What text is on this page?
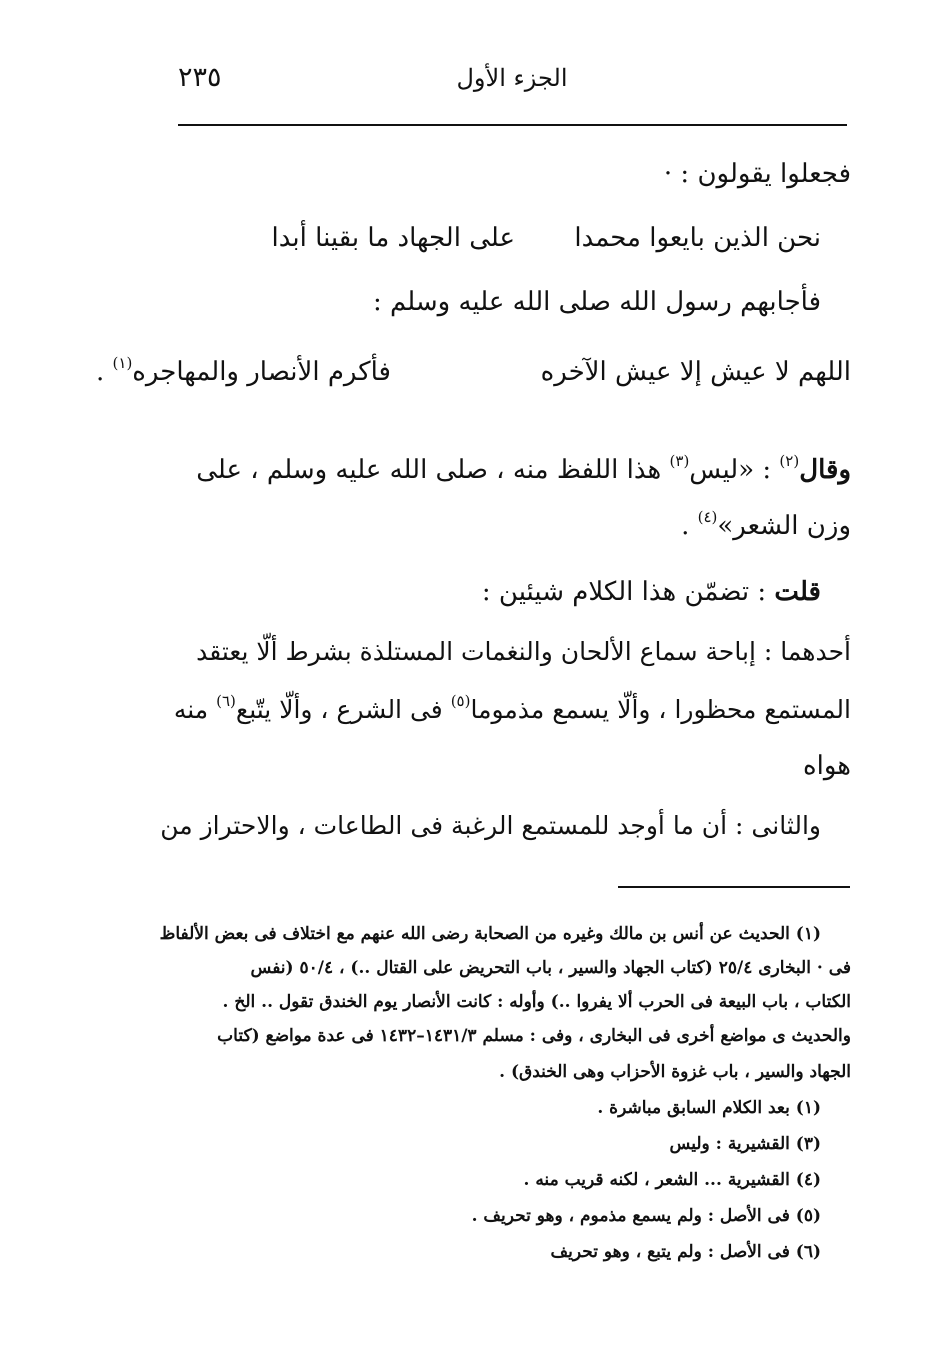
٢٣٥	الجزء الأول
فجعلوا يقولون : ·
نحن الذين بايعوا محمدا
على الجهاد ما بقينا أبدا
فأجابهم رسول الله صلى الله عليه وسلم :
اللهم لا عيش إلا عيش الآخره
فأكرم الأنصار والمهاجره$^{(١)}$ .
وقال$^{(٢)}$ : «ليس$^{(٣)}$ هذا اللفظ منه ، صلى الله عليه وسلم ، على
وزن الشعر»$^{(٤)}$ .
قلت : تضمّن هذا الكلام شيئين :
أحدهما : إباحة سماع الألحان والنغمات المستلذة بشرط ألّا يعتقد
المستمع محظورا ، وألّا يسمع مذموما$^{(٥)}$ فى الشرع ، وألّا يتّبع$^{(٦)}$ منه
هواه
والثانى : أن ما أوجد للمستمع الرغبة فى الطاعات ، والاحتراز من
(١) الحديث عن أنس بن مالك وغيره من الصحابة رضى الله عنهم مع اختلاف فى بعض الألفاظ
فى · البخارى ٢٥/٤ (كتاب الجهاد والسير ، باب التحريض على القتال ..) ، ٥٠/٤ (نفس
الكتاب ، باب البيعة فى الحرب ألا يفروا ..) وأوله : كانت الأنصار يوم الخندق تقول .. الخ .
والحديث ى مواضع أخرى فى البخارى ، وفى : مسلم ١٤٣١/٣–١٤٣٢ فى عدة مواضع (كتاب
الجهاد والسير ، باب غزوة الأحزاب وهى الخندق) .
(١) بعد الكلام السابق مباشرة .
(٣) القشيرية : وليس
(٤) القشيرية ... الشعر ، لكنه قريب منه .
(٥) فى الأصل : ولم يسمع مذموم ، وهو تحريف .
(٦) فى الأصل : ولم يتبع ، وهو تحريف
